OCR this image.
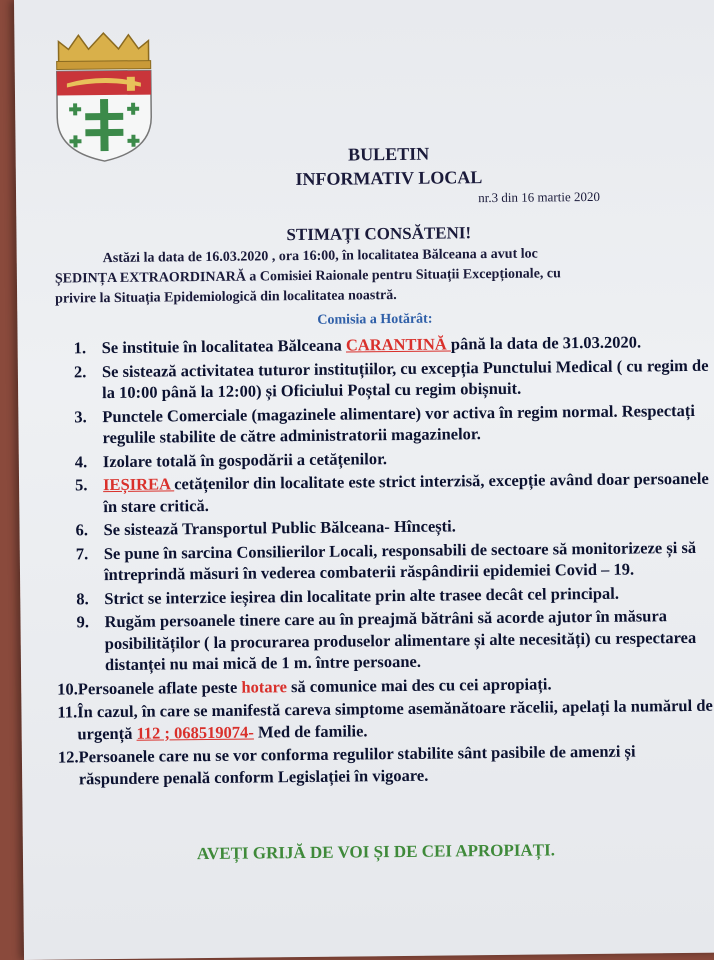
BULETIN
INFORMATIV LOCAL
nr.3 din 16 martie 2020
STIMAȚI CONSĂTENI!

Astăzi la data de 16.03.2020 , ora 16:00, în localitatea Bălceana a avut loc

ȘEDINȚA EXTRAORDINARĂ a Comisiei Raionale pentru Situații Excepționale, cu

privire la Situația Epidemiologică din localitatea noastră.

Comisia a Hotărât:
1. Se instituie în localitatea Bălceana CARANTINĂ până la data de 31.03.2020.
2. Se sistează activitatea tuturor instituțiilor, cu excepția Punctului Medical ( cu regim de la 10:00 până la 12:00) și Oficiului Poștal cu regim obișnuit.
3. Punctele Comerciale (magazinele alimentare) vor activa în regim normal. Respectați regulile stabilite de către administratorii magazinelor.
4. Izolare totală în gospodării a cetățenilor.
5. IEȘIREA cetățenilor din localitate este strict interzisă, excepție având doar persoanele în stare critică.
6. Se sistează Transportul Public Bălceana- Hîncești.
7. Se pune în sarcina Consilierilor Locali, responsabili de sectoare să monitorizeze și să întreprindă măsuri în vederea combaterii răspândirii epidemiei Covid – 19.
8. Strict se interzice ieșirea din localitate prin alte trasee decât cel principal.
9. Rugăm persoanele tinere care au în preajmă bătrâni să acorde ajutor în măsura posibilităților ( la procurarea produselor alimentare și alte necesități) cu respectarea distanței nu mai mică de 1 m. între persoane.
10. Persoanele aflate peste hotare să comunice mai des cu cei apropiați.
11. În cazul, în care se manifestă careva simptome asemănătoare răcelii, apelați la numărul de urgență 112 ; 068519074- Med de familie.
12. Persoanele care nu se vor conforma regulilor stabilite sânt pasibile de amenzi și răspundere penală conform Legislației în vigoare.
AVEȚI GRIJĂ DE VOI ȘI DE CEI APROPIAȚI.
